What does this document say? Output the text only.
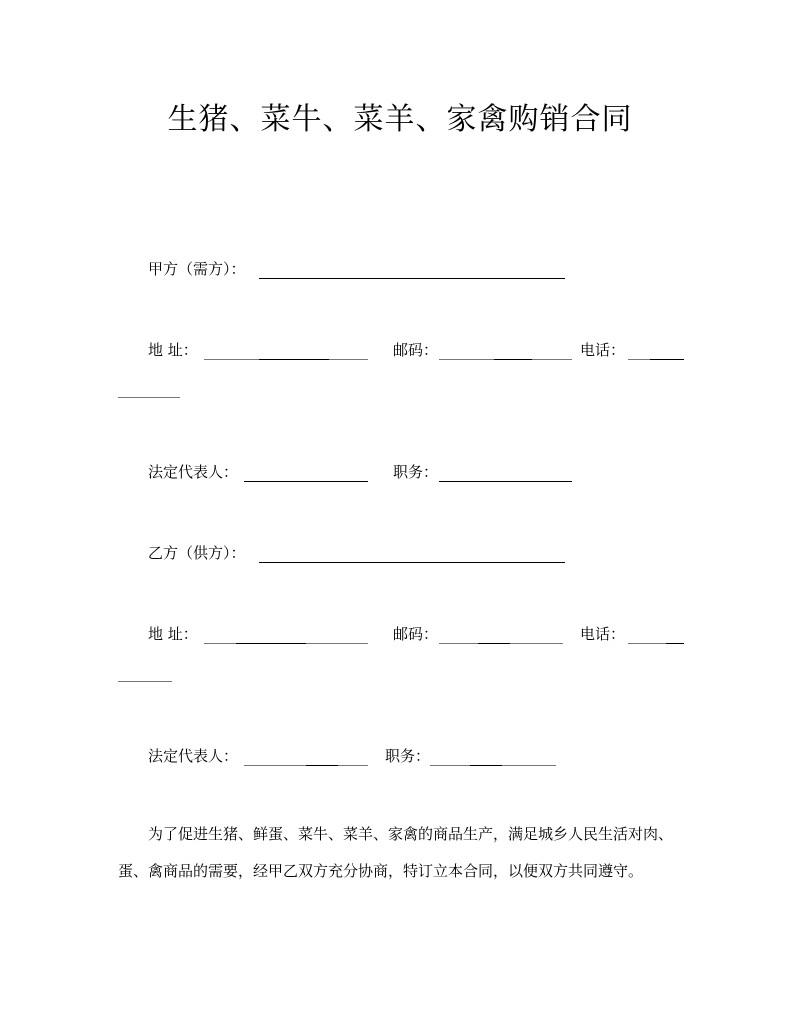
生猪、菜牛、菜羊、家禽购销合同
甲方（需方）：
地 址：	邮码：	电话：
法定代表人：	职务：
乙方（供方）：
地 址：	邮码：	电话：
法定代表人：	职务：

为了促进生猪、鲜蛋、菜牛、菜羊、家禽的商品生产，满足城乡人民生活对肉、蛋、禽商品的需要，经甲乙双方充分协商，特订立本合同，以便双方共同遵守。
